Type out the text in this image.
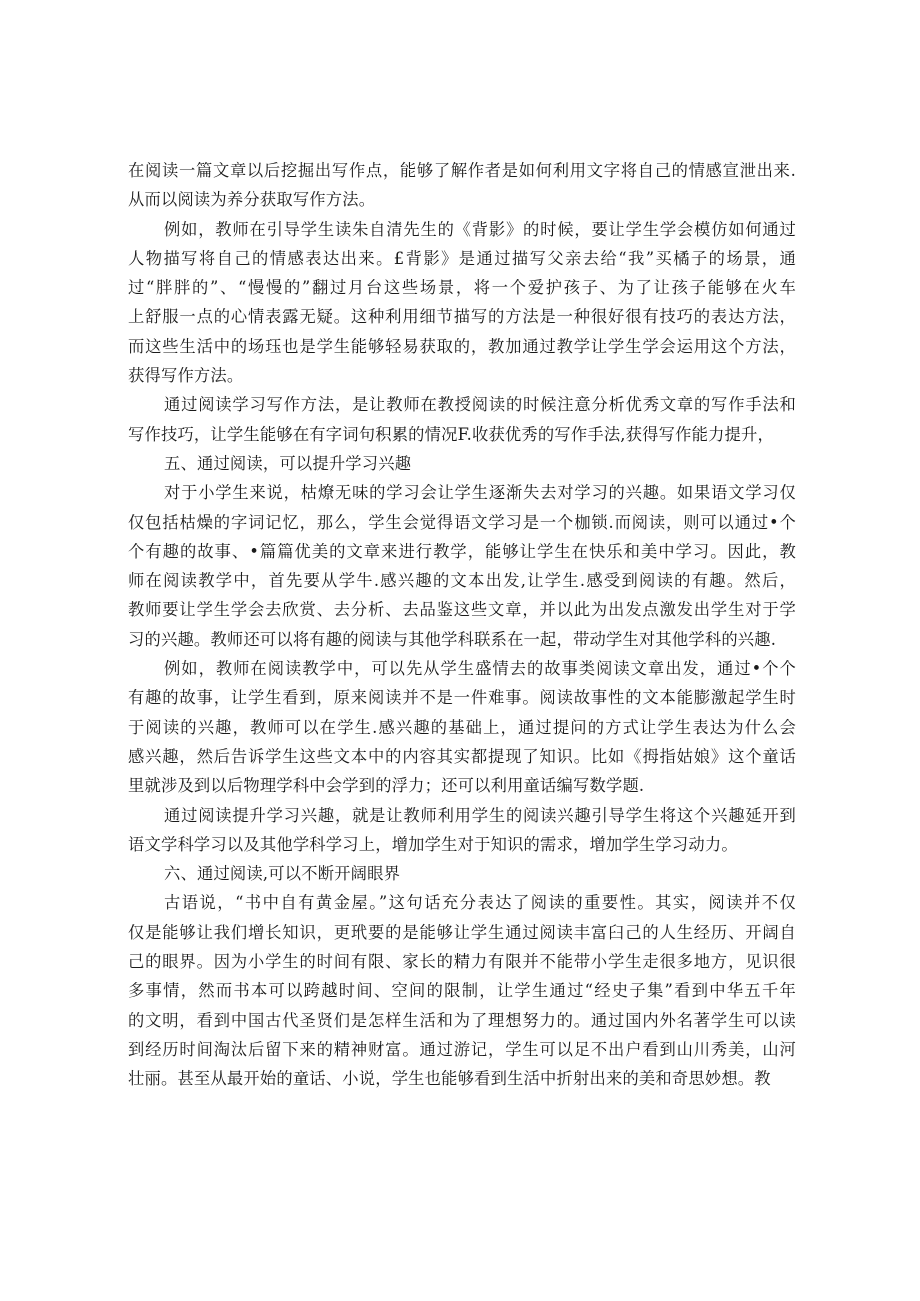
在阅读一篇文章以后挖掘出写作点，能够了解作者是如何利用文字将自己的情感宣泄出来.
从而以阅读为养分获取写作方法。
例如，教师在引导学生读朱自清先生的《背影》的时候，要让学生学会模仿如何通过
人物描写将自己的情感表达出来。£背影》是通过描写父亲去给“我”买橘子的场景，通
过“胖胖的”、“慢慢的”翻过月台这些场景，将一个爱护孩子、为了让孩子能够在火车
上舒服一点的心情表露无疑。这种利用细节描写的方法是一种很好很有技巧的表达方法，
而这些生活中的场珏也是学生能够轻易获取的，教加通过教学让学生学会运用这个方法，
获得写作方法。
通过阅读学习写作方法，是让教师在教授阅读的时候注意分析优秀文章的写作手法和
写作技巧，让学生能够在有字词句积累的情况F.收获优秀的写作手法,获得写作能力提升，
五、通过阅读，可以提升学习兴趣
对于小学生来说，枯燎无味的学习会让学生逐渐失去对学习的兴趣。如果语文学习仅
仅包括枯燥的字词记忆，那么，学生会觉得语文学习是一个枷锁.而阅读，则可以通过•个
个有趣的故事、•篇篇优美的文章来进行教学，能够让学生在快乐和美中学习。因此，教
师在阅读教学中，首先要从学牛.感兴趣的文本出发,让学生.感受到阅读的有趣。然后，
教师要让学生学会去欣赏、去分析、去品鉴这些文章，并以此为出发点激发出学生对于学
习的兴趣。教师还可以将有趣的阅读与其他学科联系在一起，带动学生对其他学科的兴趣.
例如，教师在阅读教学中，可以先从学生盛情去的故事类阅读文章出发，通过•个个
有趣的故事，让学生看到，原来阅读并不是一件难事。阅读故事性的文本能膨激起学生时
于阅读的兴趣，教师可以在学生.感兴趣的基础上，通过提问的方式让学生表达为什么会
感兴趣，然后告诉学生这些文本中的内容其实都提现了知识。比如《拇指姑娘》这个童话
里就涉及到以后物理学科中会学到的浮力；还可以利用童话编写数学题.
通过阅读提升学习兴趣，就是让教师利用学生的阅读兴趣引导学生将这个兴趣延开到
语文学科学习以及其他学科学习上，增加学生对于知识的需求，增加学生学习动力。
六、通过阅读,可以不断开阔眼界
古语说，“书中自有黄金屋。”这句话充分表达了阅读的重要性。其实，阅读并不仅
仅是能够让我们增长知识，更玳要的是能够让学生通过阅读丰富臼己的人生经历、开阔自
己的眼界。因为小学生的时间有限、家长的精力有限并不能带小学生走很多地方，见识很
多事情，然而书本可以跨越时间、空间的限制，让学生通过“经史子集”看到中华五千年
的文明，看到中国古代圣贤们是怎样生活和为了理想努力的。通过国内外名著学生可以读
到经历时间淘汰后留下来的精神财富。通过游记，学生可以足不出户看到山川秀美，山河
壮丽。甚至从最开始的童话、小说，学生也能够看到生活中折射出来的美和奇思妙想。教
